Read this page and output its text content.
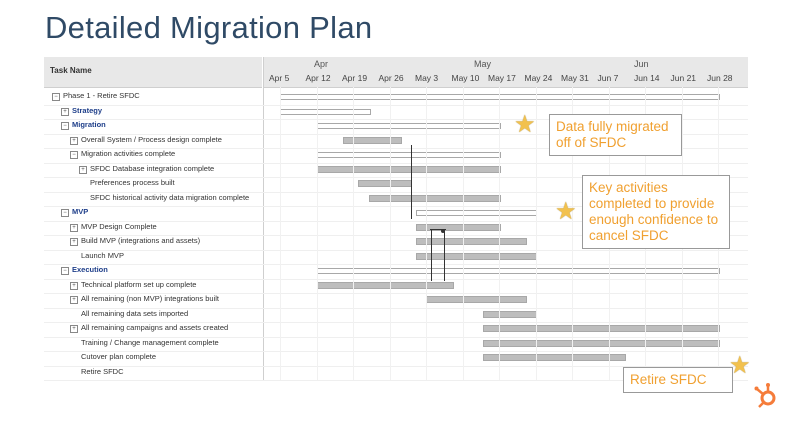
Detailed Migration Plan
Task Name
Apr	May	Jun
Apr 5 Apr 12 Apr 19 Apr 26 May 3 May 10 May 17 May 24 May 31 Jun 7 Jun 14 Jun 21 Jun 28
− Phase 1 - Retire SFDC
+ Strategy
− Migration
+ Overall System / Process design complete
− Migration activities complete
+ SFDC Database integration complete
Preferences process built
SFDC historical activity data migration complete
− MVP
+ MVP Design Complete
+ Build MVP (integrations and assets)
Launch MVP
− Execution
+ Technical platform set up complete
+ All remaining (non MVP) integrations built
All remaining data sets imported
+ All remaining campaigns and assets created
Training / Change management complete
Cutover plan complete
Retire SFDC
Data fully migrated off of SFDC
Key activities completed to provide enough confidence to cancel SFDC
Retire SFDC
★
★
★
